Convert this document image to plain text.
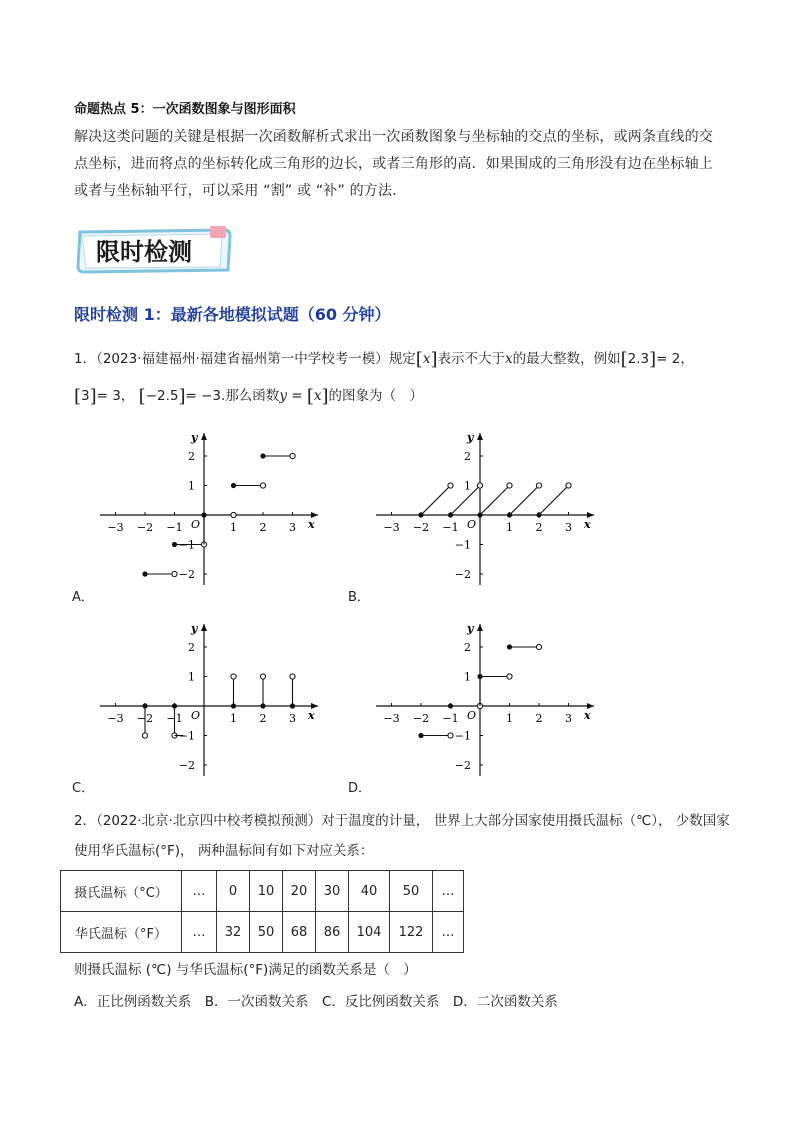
命题热点 5：一次函数图象与图形面积
解决这类问题的关键是根据一次函数解析式求出一次函数图象与坐标轴的交点的坐标，或两条直线的交点坐标，进而将点的坐标转化成三角形的边长，或者三角形的高．如果围成的三角形没有边在坐标轴上或者与坐标轴平行，可以采用 “割” 或 “补” 的方法．
限时检测
限时检测 1：最新各地模拟试题（60 分钟）
1．（2023·福建福州·福建省福州第一中学校考一模）规定[x]表示不大于x的最大整数，例如[2.3]= 2，
[3]= 3， [−2.5]= −3.那么函数y = [x]的图象为（　）
x
y
O
−3 −2 −1	1 2 3
2
1
−1
−2
x
y
O
−3 −2 −1	1 2 3
2
1
−1
−2
A．	B．
x
y
O
−3 −2 −1	1 2 3
2
1
−1
−2
x
y
O
−3 −2 −1	1 2 3
2
1
−1
−2
C．	D．
2．（2022·北京·北京四中校考模拟预测）对于温度的计量， 世界上大部分国家使用摄氏温标（℃）， 少数国家使用华氏温标(°F)， 两种温标间有如下对应关系：
摄氏温标（°C）	…	0	10	20	30	40	50	…
华氏温标（°F）	…	32	50	68	86	104	122	…
则摄氏温标 (℃) 与华氏温标(°F)满足的函数关系是（　）
A．正比例函数关系　B．一次函数关系　C．反比例函数关系　D．二次函数关系
